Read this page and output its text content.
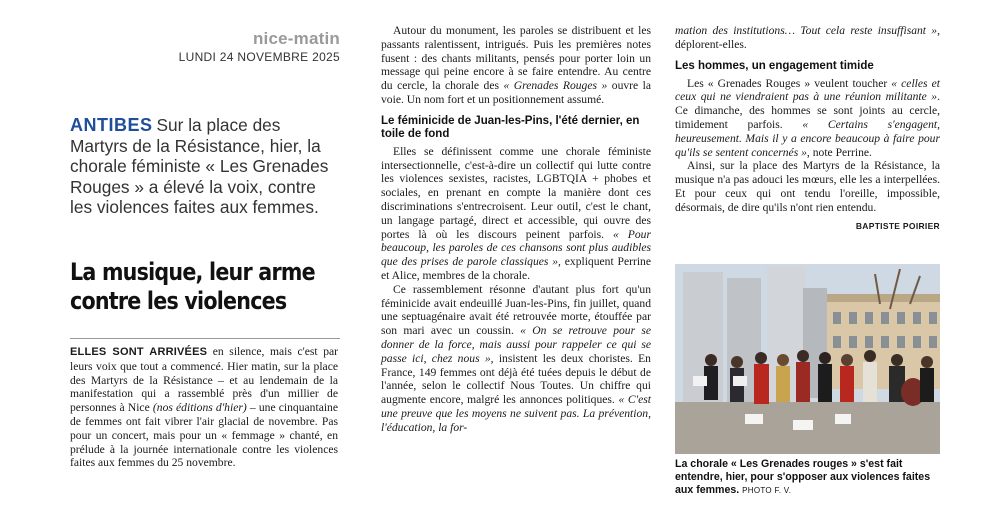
nice-matin
LUNDI 24 NOVEMBRE 2025
ANTIBES Sur la place des Martyrs de la Résistance, hier, la chorale féministe « Les Grenades Rouges » a élevé la voix, contre les violences faites aux femmes.
La musique, leur arme contre les violences

ELLES SONT ARRIVÉES en silence, mais c'est par leurs voix que tout a commencé. Hier matin, sur la place des Martyrs de la Résistance – et au lendemain de la manifestation qui a rassemblé près d'un millier de personnes à Nice (nos éditions d'hier) – une cinquantaine de femmes ont fait vibrer l'air glacial de novembre. Pas pour un concert, mais pour un « femmage » chanté, en prélude à la journée internationale contre les violences faites aux femmes du 25 novembre.

Autour du monument, les paroles se distribuent et les passants ralentissent, intrigués. Puis les premières notes fusent : des chants militants, pensés pour porter loin un message qui peine encore à se faire entendre. Au centre du cercle, la chorale des « Grenades Rouges » ouvre la voie. Un nom fort et un positionnement assumé.

Le féminicide de Juan-les-Pins, l'été dernier, en toile de fond

Elles se définissent comme une chorale féministe intersectionnelle, c'est-à-dire un collectif qui lutte contre les violences sexistes, racistes, LGBTQIA + phobes et sociales, en prenant en compte la manière dont ces discriminations s'entrecroisent. Leur outil, c'est le chant, un langage partagé, direct et accessible, qui ouvre des portes là où les discours peinent parfois. « Pour beaucoup, les paroles de ces chansons sont plus audibles que des prises de parole classiques », expliquent Perrine et Alice, membres de la chorale.

Ce rassemblement résonne d'autant plus fort qu'un féminicide avait endeuillé Juan-les-Pins, fin juillet, quand une septuagénaire avait été retrouvée morte, étouffée par son mari avec un coussin. « On se retrouve pour se donner de la force, mais aussi pour rappeler ce qui se passe ici, chez nous », insistent les deux choristes. En France, 149 femmes ont déjà été tuées depuis le début de l'année, selon le collectif Nous Toutes. Un chiffre qui augmente encore, malgré les annonces politiques. « C'est une preuve que les moyens ne suivent pas. La prévention, l'éducation, la for-

mation des institutions… Tout cela reste insuffisant », déplorent-elles.

Les hommes, un engagement timide

Les « Grenades Rouges » veulent toucher « celles et ceux qui ne viendraient pas à une réunion militante ». Ce dimanche, des hommes se sont joints au cercle, timidement parfois. « Certains s'engagent, heureusement. Mais il y a encore beaucoup à faire pour qu'ils se sentent concernés », note Perrine.

Ainsi, sur la place des Martyrs de la Résistance, la musique n'a pas adouci les mœurs, elle les a interpellées. Et pour ceux qui ont tendu l'oreille, impossible, désormais, de dire qu'ils n'ont rien entendu.

BAPTISTE POIRIER
La chorale « Les Grenades rouges » s'est fait entendre, hier, pour s'opposer aux violences faites aux femmes. PHOTO F. V.
